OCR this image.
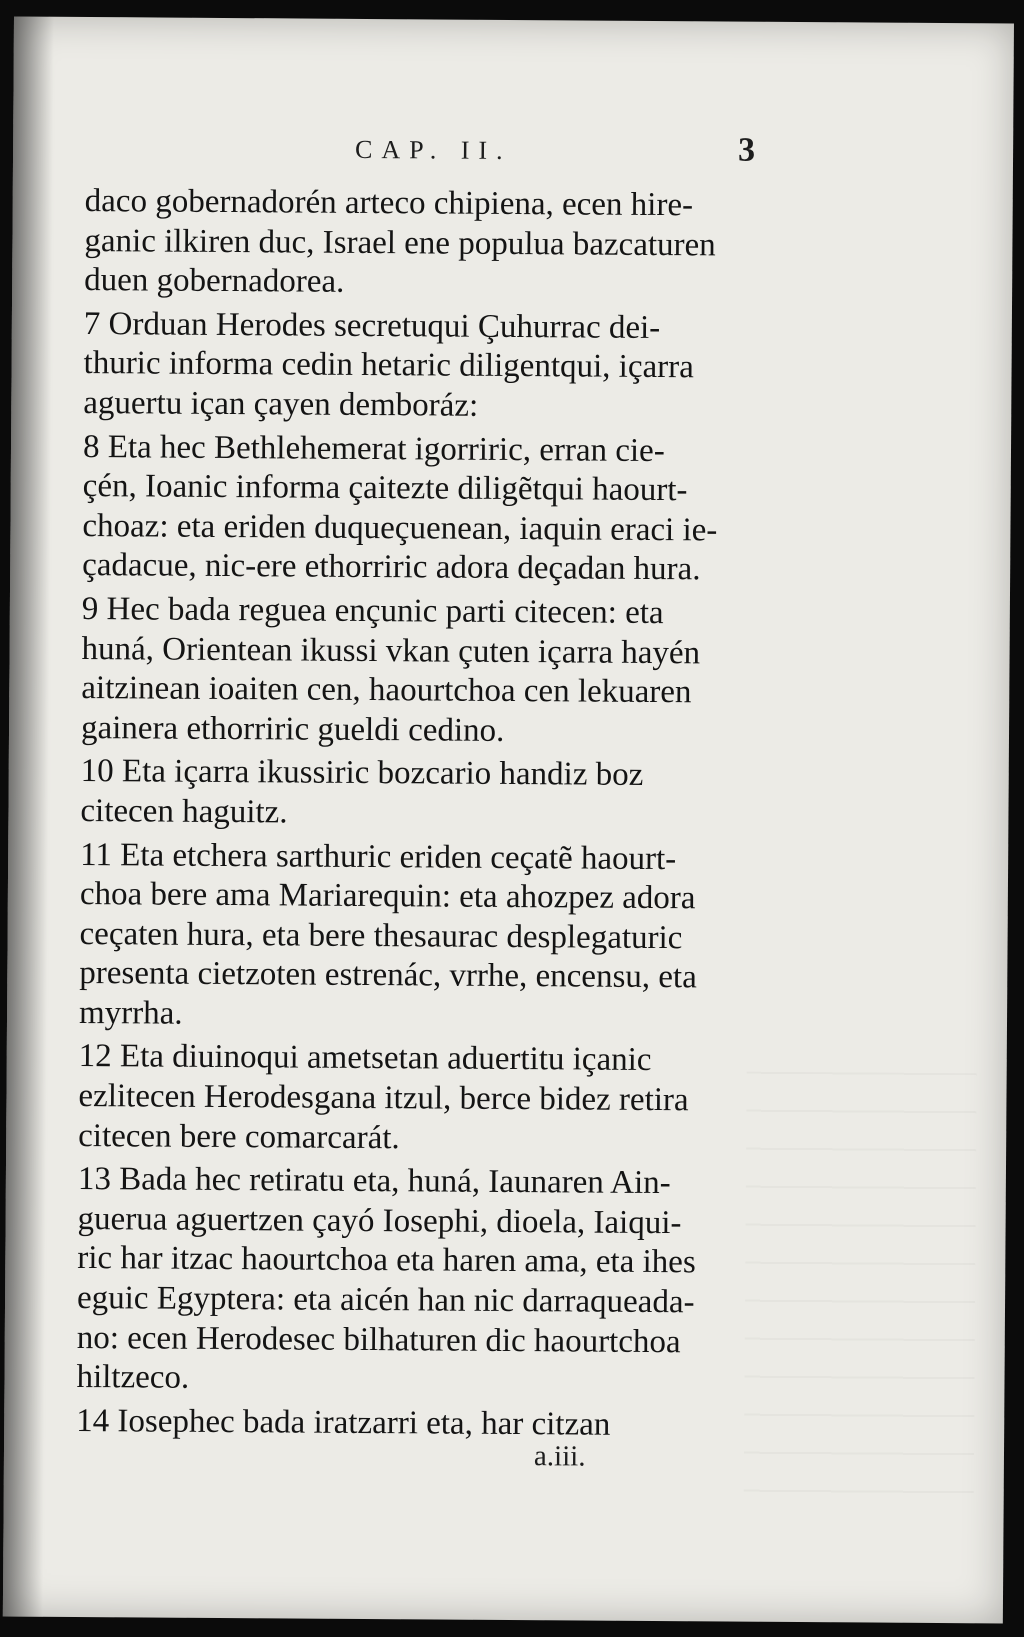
CAP. II.	3

daco gobernadorén arteco chipiena, ecen hire-
ganic ilkiren duc, Israel ene populua bazcaturen
duen gobernadorea.

7 Orduan Herodes secretuqui Çuhurrac dei-
thuric informa cedin hetaric diligentqui, içarra
aguertu içan çayen demboráz:

8 Eta hec Bethlehemerat igorriric, erran cie-
çén, Ioanic informa çaitezte diligẽtqui haourt-
choaz: eta eriden duqueçuenean, iaquin eraci ie-
çadacue, nic-ere ethorriric adora deçadan hura.

9 Hec bada reguea ençunic parti citecen: eta
huná, Orientean ikussi vkan çuten içarra hayén
aitzinean ioaiten cen, haourtchoa cen lekuaren
gainera ethorriric gueldi cedino.

10 Eta içarra ikussiric bozcario handiz boz
citecen haguitz.

11 Eta etchera sarthuric eriden ceçatẽ haourt-
choa bere ama Mariarequin: eta ahozpez adora
ceçaten hura, eta bere thesaurac desplegaturic
presenta cietzoten estrenác, vrrhe, encensu, eta
myrrha.

12 Eta diuinoqui ametsetan aduertitu içanic
ezlitecen Herodesgana itzul, berce bidez retira
citecen bere comarcarát.

13 Bada hec retiratu eta, huná, Iaunaren Ain-
guerua aguertzen çayó Iosephi, dioela, Iaiqui-
ric har itzac haourtchoa eta haren ama, eta ihes
eguic Egyptera: eta aicén han nic darraqueada-
no: ecen Herodesec bilhaturen dic haourtchoa
hiltzeco.

14 Iosephec bada iratzarri eta, har citzan

a.iii.
